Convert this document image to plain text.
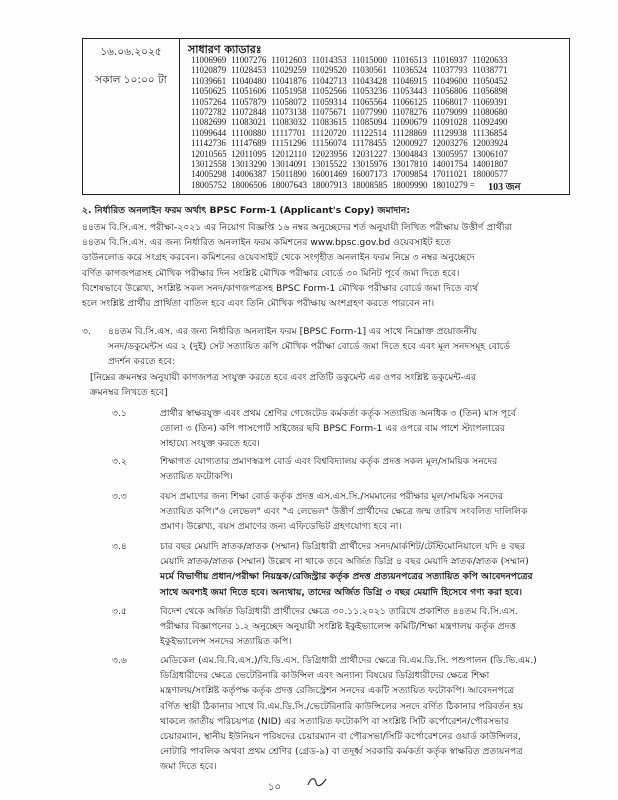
১৬.০৬.২০২৫
সকাল ১০:০০ টা
সাধারণ ক্যাডারঃ
11006969 11007276 11012603 11014353 11015000 11016513 11016937 11020633
11020879 11028453 11029259 11029520 11030561 11036524 11037793 11038771
11039661 11040480 11041876 11042713 11043428 11046915 11049600 11050452
11050625 11051606 11051958 11052566 11053236 11053443 11056806 11056898
11057264 11057879 11058072 11059314 11065564 11066125 11068017 11069391
11072782 11072848 11073138 11075671 11077990 11078276 11079099 11080680
11082699 11083021 11083032 11083615 11085094 11090679 11091028 11092490
11099644 11100880 11117701 11120720 11122514 11128869 11129938 11136854
11142736 11147689 11151296 11156074 11178455 12000927 12003276 12003924
12010565 12011095 12012110 12023956 12031227 13004843 13005957 13006107
13012558 13013290 13014091 13015522 13015976 13017810 14001754 14001807
14005298 14006387 15011890 16001469 16007173 17009854 17011021 18000577
18005752 18006506 18007643 18007913 18008585 18009990 18010279 =	103 জন
২. নির্ধারিত অনলাইন ফরম অর্থাৎ BPSC Form-1 (Applicant's Copy) জমাদান:
৪৪তম বি.সি.এস. পরীক্ষা-২০২১ এর নিয়োগ বিজ্ঞপ্তি ১৬ নম্বর অনুচ্ছেদের শর্ত অনুযায়ী লিখিত পরীক্ষায় উত্তীর্ণ প্রার্থীরা
৪৪তম বি.সি.এস. এর জন্য নির্ধারিত অনলাইন ফরম কমিশনের www.bpsc.gov.bd ওয়েবসাইট হতে
ডাউনলোড করে সংগ্রহ করবেন। কমিশনের ওয়েবসাইট থেকে সংগৃহীত অনলাইন ফরম নিম্নে ৩ নম্বর অনুচ্ছেদে
বর্ণিত কাগজপত্রসহ মৌখিক পরীক্ষার দিন সংশ্লিষ্ট মৌখিক পরীক্ষার বোর্ডে ৩০ মিনিট পূর্বে জমা দিতে হবে।
বিশেষভাবে উল্লেখ্য, সংশ্লিষ্ট সকল সনদ/কাগজপত্রসহ BPSC Form-1 মৌখিক পরীক্ষার বোর্ডে জমা দিতে ব্যর্থ
হলে সংশ্লিষ্ট প্রার্থীর প্রার্থিতা বাতিল হবে এবং তিনি মৌখিক পরীক্ষায় অংশগ্রহণ করতে পারবেন না।
৩. ৪৪তম বি.সি.এস. এর জন্য নির্ধারিত অনলাইন ফরম [BPSC Form-1] এর সাথে নিম্নোক্ত প্রয়োজনীয়
সনদ/ডকুমেন্টস এর ২ (দুই) সেট সত্যায়িত কপি মৌখিক পরীক্ষা বোর্ডে জমা দিতে হবে এবং মূল সনদসমূহ বোর্ডে
প্রদর্শন করতে হবে:
[নিম্নের ক্রমনম্বর অনুযায়ী কাগজপত্র সংযুক্ত করতে হবে এবং প্রতিটি ডকুমেন্ট এর ওপর সংশ্লিষ্ট ডকুমেন্ট-এর
ক্রমনম্বর লিখতে হবে]
৩.১	প্রার্থীর স্বাক্ষরযুক্ত এবং প্রথম শ্রেণির গেজেটেড কর্মকর্তা কর্তৃক সত্যায়িত অনধিক ৩ (তিন) মাস পূর্বে
তোলা ৩ (তিন) কপি পাসপোর্ট সাইজের ছবি BPSC Form-1 এর ওপরে বাম পাশে স্ট্যাপলারের
সাহায্যে সংযুক্ত করতে হবে।
৩.২	শিক্ষাগত যোগ্যতার প্রমাণস্বরূপ বোর্ড এবং বিশ্ববিদ্যালয় কর্তৃক প্রদত্ত সকল মূল/সাময়িক সনদের
সত্যায়িত ফটোকপি।
৩.৩	বয়স প্রমাণের জন্য শিক্ষা বোর্ড কর্তৃক প্রদত্ত এস.এস.সি./সমমানের পরীক্ষার মূল/সাময়িক সনদের
সত্যায়িত কপি।"ও লেভেল" এবং "এ লেভেল" উত্তীর্ণ প্রার্থীদের ক্ষেত্রে জন্ম তারিখ সংবলিত দালিলিক
প্রমাণ। উল্লেখ্য, বয়স প্রমাণের জন্য এফিডেভিট গ্রহণযোগ্য হবে না।
৩.৪	চার বছর মেয়াদি স্নাতক/স্নাতক (সম্মান) ডিগ্রিধারী প্রার্থীদের সনদ/মার্কশিট/টেস্টিমোনিয়ালে যদি ৪ বছর
মেয়াদি স্নাতক/স্নাতক (সম্মান) উল্লেখ না থাকে তবে অর্জিত ডিগ্রি ৪ বছর মেয়াদি স্নাতক/স্নাতক (সম্মান)
মর্মে বিভাগীয় প্রধান/পরীক্ষা নিয়ন্ত্রক/রেজিস্ট্রার কর্তৃক প্রদত্ত প্রত্যয়নপত্রের সত্যায়িত কপি আবেদনপত্রের
সাথে অবশ্যই জমা দিতে হবে। অন্যথায়, তাদের অর্জিত ডিগ্রি ৩ বছর মেয়াদি হিসেবে গণ্য করা হবে।
৩.৫	বিদেশ থেকে অর্জিত ডিগ্রিধারী প্রার্থীদের ক্ষেত্রে ৩০.১১.২০২১ তারিখে প্রকাশিত ৪৪তম বি.সি.এস.
পরীক্ষার বিজ্ঞাপনের ১.২ অনুচ্ছেদ অনুযায়ী সংশ্লিষ্ট ইকুইভ্যালেন্স কমিটি/শিক্ষা মন্ত্রণালয় কর্তৃক প্রদত্ত
ইকুইভ্যালেন্স সনদের সত্যায়িত কপি।
৩.৬	মেডিকেল (এম.বি.বি.এস.)/বি.ডি.এস. ডিগ্রিধারী প্রার্থীদের ক্ষেত্রে বি.এম.ডি.সি. পশুপালন (ডি.ভি.এম.)
ডিগ্রিধারীদের ক্ষেত্রে ভেটেরিনারি কাউন্সিল এবং অন্যান্য বিষয়ের ডিগ্রিধারীদের ক্ষেত্রে শিক্ষা
মন্ত্রণালয়/সংশ্লিষ্ট কর্তৃপক্ষ কর্তৃক প্রদত্ত রেজিস্ট্রেশন সনদের একটি সত্যায়িত ফটোকপি। আবেদনপত্রে
বর্ণিত স্থায়ী ঠিকানার সাথে বি.এম.ডি.সি./ভেটেরিনারি কাউন্সিলের সনদে বর্ণিত ঠিকানার পরিবর্তন হয়
থাকলে জাতীয় পরিচয়পত্র (NID) এর সত্যায়িত ফটোকপি বা সংশ্লিষ্ট সিটি কর্পোরেশন/পৌরসভার
চেয়ারম্যান, স্থানীয় ইউনিয়ন পরিষদের চেয়ারম্যান বা পৌরসভা/সিটি কর্পোরেশনের ওয়ার্ড কাউন্সিলর,
নোটারি পাবলিক অথবা প্রথম শ্রেণির (গ্রেড-৯) বা তদূর্ধ্ব সরকারি কর্মকর্তা কর্তৃক স্বাক্ষরিত প্রত্যয়নপত্র
জমা দিতে হবে।
১০
